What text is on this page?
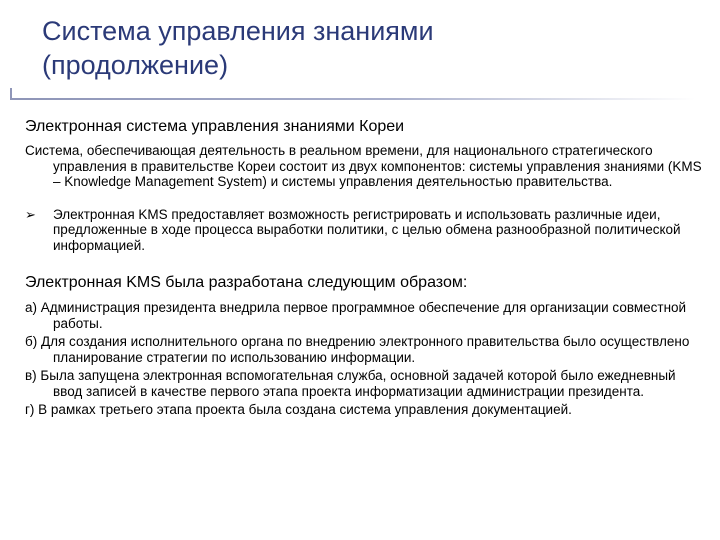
Система управления знаниями
(продолжение)
Электронная система управления знаниями Кореи

Система, обеспечивающая деятельность в реальном времени, для национального стратегического управления в правительстве Кореи состоит из двух компонентов: системы управления знаниями (KMS – Knowledge Management System) и системы управления деятельностью правительства.

➢	Электронная KMS предоставляет возможность регистрировать и использовать различные идеи, предложенные в ходе процесса выработки политики, с целью обмена разнообразной политической информацией.
Электронная KMS была разработана следующим образом:

а) Администрация президента внедрила первое программное обеспечение для организации совместной работы.

б) Для создания исполнительного органа по внедрению электронного правительства было осуществлено планирование стратегии по использованию информации.

в) Была запущена электронная вспомогательная служба, основной задачей которой было ежедневный ввод записей в качестве первого этапа проекта информатизации администрации президента.

г) В рамках третьего этапа проекта была создана система управления документацией.
